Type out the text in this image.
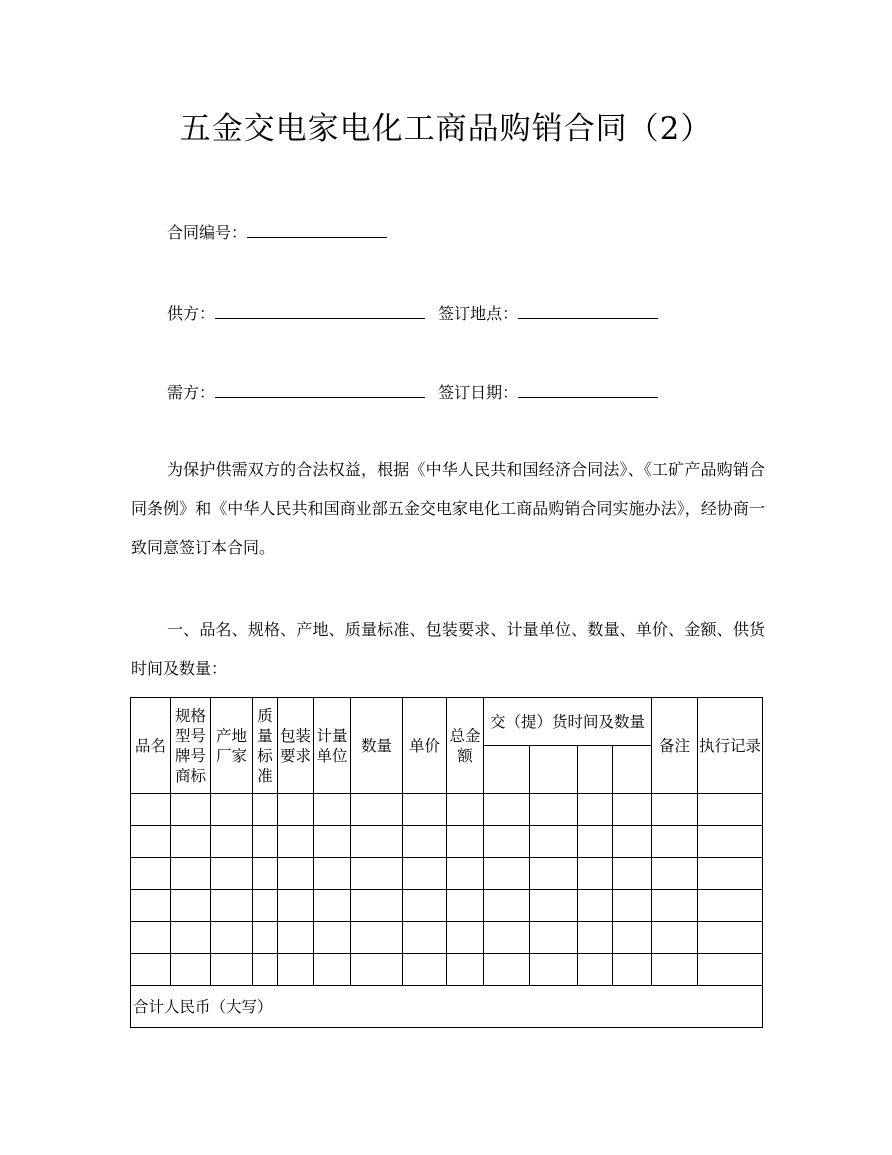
五金交电家电化工商品购销合同（2）
合同编号：
供方：	签订地点：
需方：	签订日期：

为保护供需双方的合法权益，根据《中华人民共和国经济合同法》、《工矿产品购销合同条例》和《中华人民共和国商业部五金交电家电化工商品购销合同实施办法》，经协商一致同意签订本合同。

一、品名、规格、产地、质量标准、包装要求、计量单位、数量、单价、金额、供货时间及数量：

品名	规格型号牌号商标	产地厂家	质量标准	包装要求	计量单位	数量	单价	总金额	交（提）货时间及数量				备注	执行记录

合计人民币（大写）														
